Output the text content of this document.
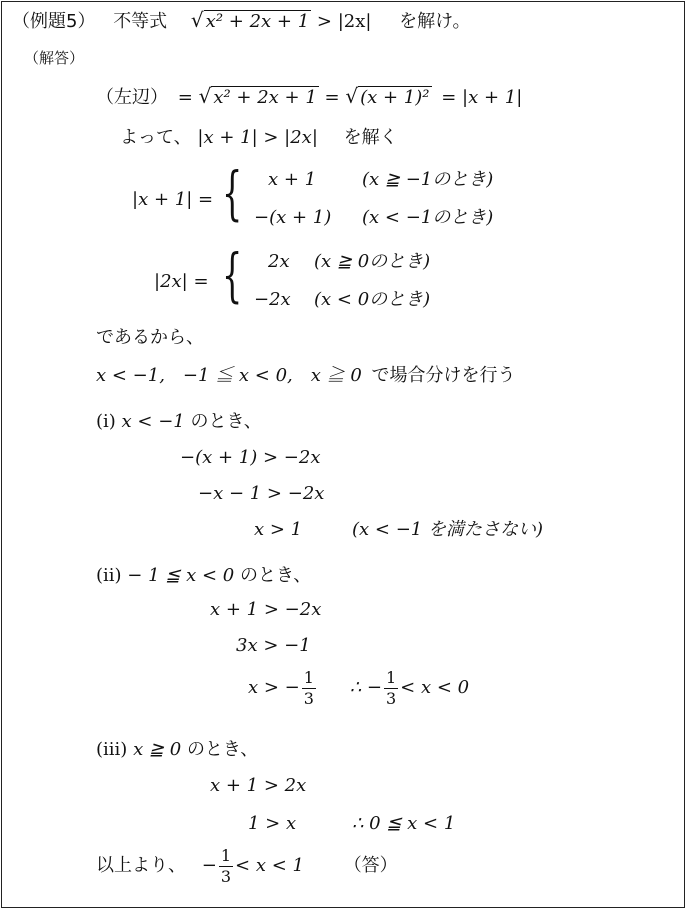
（例題5） 不等式 √ x² + 2x + 1 > |2x| を解け。
（解答）
（左辺） = √ x² + 2x + 1 = √ (x + 1)² = |x + 1|
よって、 |x + 1| > |2x| を解く
|x + 1| = { x + 1	(x ≧ −1のとき)
−(x + 1) (x < −1のとき)
|2x| = { 2x (x ≧ 0のとき)
−2x (x < 0のとき)
であるから、
x < −1,　−1 ≦ x < 0,　x ≧ 0 で場合分けを行う
(ⅰ) x < −1 のとき、
−(x + 1) > −2x
−x − 1 > −2x
x > 1	(x < −1 を満たさない)
(ⅱ) − 1 ≦ x < 0 のとき、
x + 1 > −2x
3x > −1
x > − $\frac{1}{3}$ ∴ − $\frac{1}{3} < x < 0$
(ⅲ) x ≧ 0 のとき、
x + 1 > 2x
1 > x	∴ 0 ≦ x < 1
以上より、 − $\frac{1}{3} < x < 1$ （答）
